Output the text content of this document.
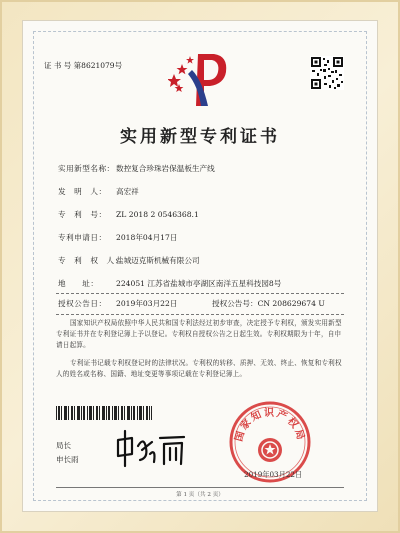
证 书 号 第8621079号
实用新型专利证书
实用新型名称：数控复合珍珠岩保温板生产线
发　明　人： 高宏祥
专　利　号： ZL 2018 2 0546368.1
专利申请日： 2018年04月17日
专　利　权　人：盐城迈克斯机械有限公司
地　　址： 224051 江苏省盐城市亭湖区南洋五星科技园8号
授权公告日： 2019年03月22日	授权公告号：CN 208629674 U
国家知识产权局依照中华人民共和国专利法经过初步审查，决定授予专利权，颁发实用新型专利证书并在专利登记簿上予以登记。专利权自授权公告之日起生效。专利权期限为十年，自申请日起算。
专利证书记载专利权登记时的法律状况。专利权的转移、质押、无效、终止、恢复和专利权人的姓名或名称、国籍、地址变更等事项记载在专利登记簿上。
局长
申长雨
国家知识产权局
2019年03月22日
第 1 页（共 2 页）
